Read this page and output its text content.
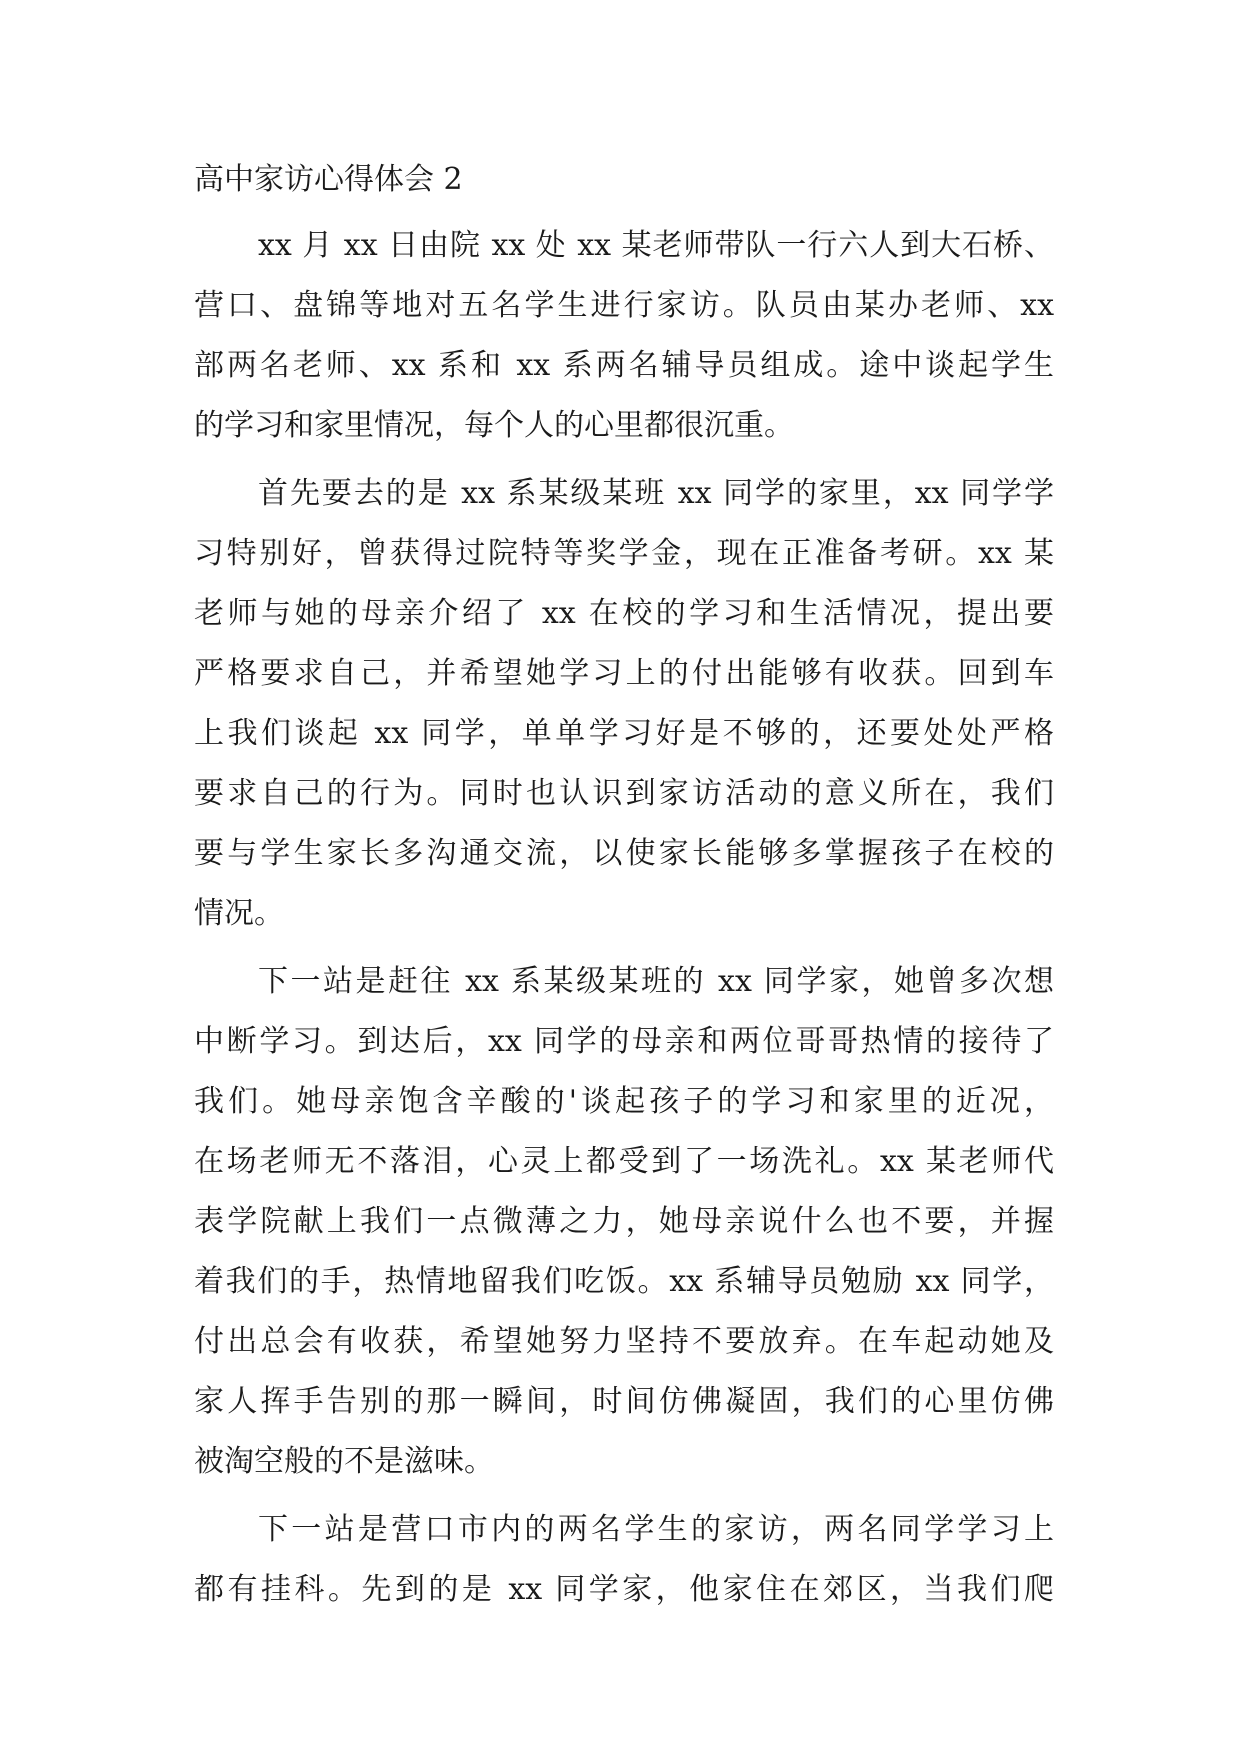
高中家访心得体会 2
xx 月 xx 日由院 xx 处 xx 某老师带队一行六人到大石桥、
营口、盘锦等地对五名学生进行家访。队员由某办老师、xx
部两名老师、xx 系和 xx 系两名辅导员组成。途中谈起学生
的学习和家里情况，每个人的心里都很沉重。
首先要去的是 xx 系某级某班 xx 同学的家里，xx 同学学
习特别好，曾获得过院特等奖学金，现在正准备考研。xx 某
老师与她的母亲介绍了 xx 在校的学习和生活情况，提出要
严格要求自己，并希望她学习上的付出能够有收获。回到车
上我们谈起 xx 同学，单单学习好是不够的，还要处处严格
要求自己的行为。同时也认识到家访活动的意义所在，我们
要与学生家长多沟通交流，以使家长能够多掌握孩子在校的
情况。
下一站是赶往 xx 系某级某班的 xx 同学家，她曾多次想
中断学习。到达后，xx 同学的母亲和两位哥哥热情的接待了
我们。她母亲饱含辛酸的'谈起孩子的学习和家里的近况，
在场老师无不落泪，心灵上都受到了一场洗礼。xx 某老师代
表学院献上我们一点微薄之力，她母亲说什么也不要，并握
着我们的手，热情地留我们吃饭。xx 系辅导员勉励 xx 同学，
付出总会有收获，希望她努力坚持不要放弃。在车起动她及
家人挥手告别的那一瞬间，时间仿佛凝固，我们的心里仿佛
被淘空般的不是滋味。
下一站是营口市内的两名学生的家访，两名同学学习上
都有挂科。先到的是 xx 同学家，他家住在郊区，当我们爬
